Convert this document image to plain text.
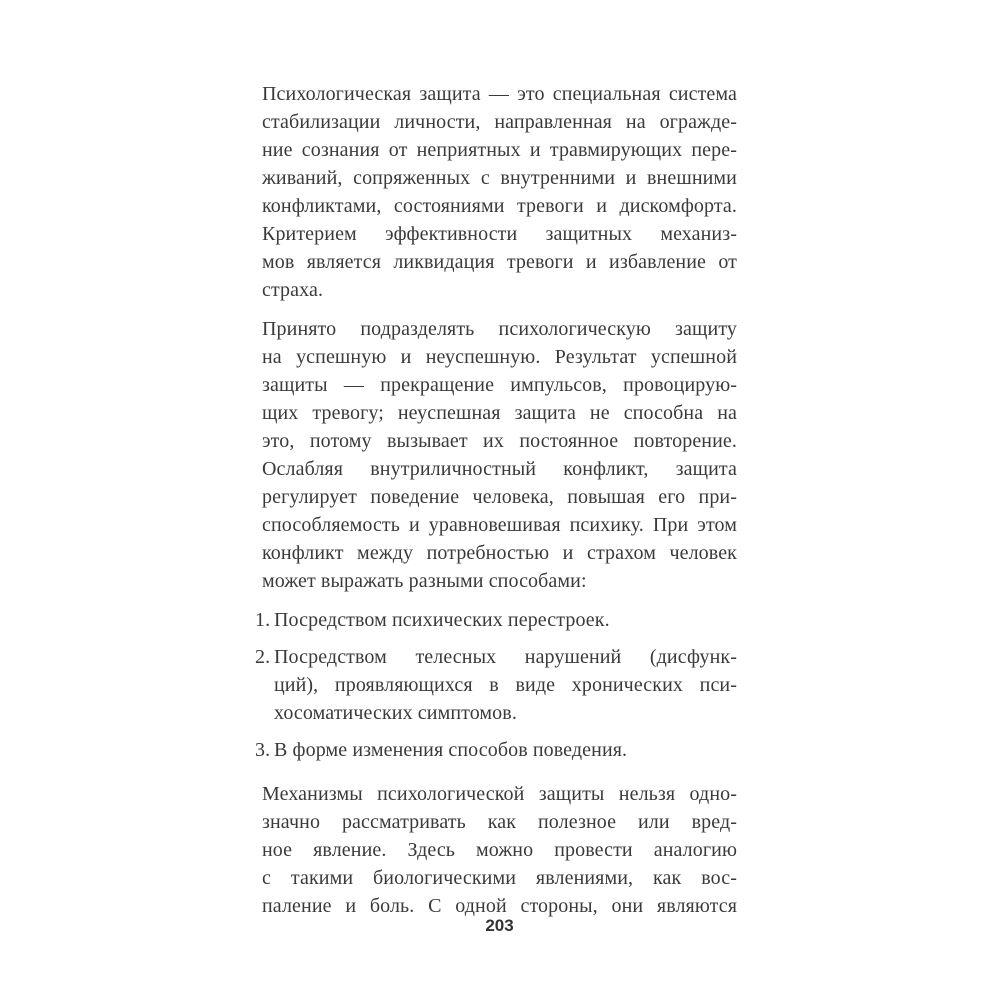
Психологическая защита — это специальная система
стабилизации личности, направленная на огражде-
ние сознания от неприятных и травмирующих пере-
живаний, сопряженных с внутренними и внешними
конфликтами, состояниями тревоги и дискомфорта.
Критерием эффективности защитных механиз-
мов является ликвидация тревоги и избавление от
страха.
Принято подразделять психологическую защиту
на успешную и неуспешную. Результат успешной
защиты — прекращение импульсов, провоцирую-
щих тревогу; неуспешная защита не способна на
это, потому вызывает их постоянное повторение.
Ослабляя внутриличностный конфликт, защита
регулирует поведение человека, повышая его при-
способляемость и уравновешивая психику. При этом
конфликт между потребностью и страхом человек
может выражать разными способами:
1. Посредством психических перестроек.
2. Посредством телесных нарушений (дисфунк-
ций), проявляющихся в виде хронических пси-
хосоматических симптомов.
3. В форме изменения способов поведения.
Механизмы психологической защиты нельзя одно-
значно рассматривать как полезное или вред-
ное явление. Здесь можно провести аналогию
с такими биологическими явлениями, как вос-
паление и боль. С одной стороны, они являются
203
